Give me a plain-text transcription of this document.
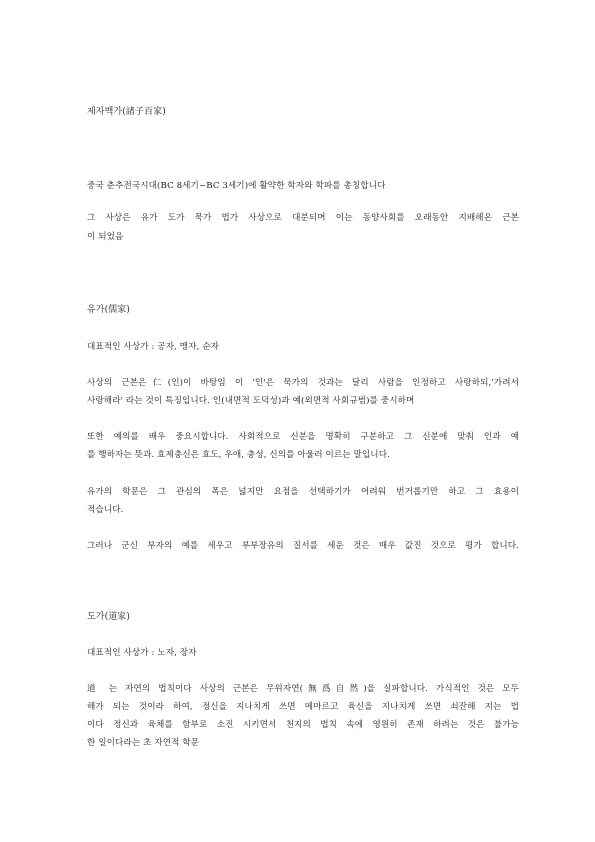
제자백가(諸子百家)
중국 춘추전국시대(BC 8세기~BC 3세기)에 활약한 학자와 학파를 총칭합니다
그 사상은 유가 도가 묵가 법가 사상으로 대분되며 이는 동양사회를 오래동안 지배해온 근본
이 되었음
유가(儒家)
대표적인 사상가 : 공자, 맹자, 순자
사상의 근본은仁(인)이 바탕임 이 '인'은 묵가의 것과는 달리 사람을 인정하고 사랑하되,'가려서
사랑해라' 라는 것이 특징입니다. 인(내면적 도덕성)과 예(외면적 사회규범)를 중시하며
또한 예의를 배우 중요시합니다. 사회적으로 신분을 명확히 구분하고 그 신분에 맞춰 인과 예
를 행하자는 뜻과. 효제충신은 효도, 우애, 충성, 신의를 아울러 이르는 말입니다.
유가의 학문은 그 관심의 폭은 넓지만 요점을 선택하기가 어려워 번거롭기만 하고 그 효용이
적습니다.
그러나 군신 부자의 예를 세우고 부부장유의 질서를 세운 것은 매우 값진 것으로 평가 합니다.
도가(道家)
대표적인 사상가 : 노자, 장자
道 는 자연의 법칙이다 사상의 근본은 무위자연(無爲自然)을 실파합니다. 가식적인 것은 모두
해가 되는 것이라 하여, 정신을 지나치게 쓰면 메마르고 육신을 지나치게 쓰면 쇠잔해 지는 법
이다 정신과 육체를 함부로 소진 시키면서 천지의 법칙 속에 영원히 존재 하려는 것은 불가능
한 일이다라는 초 자연적 학문
